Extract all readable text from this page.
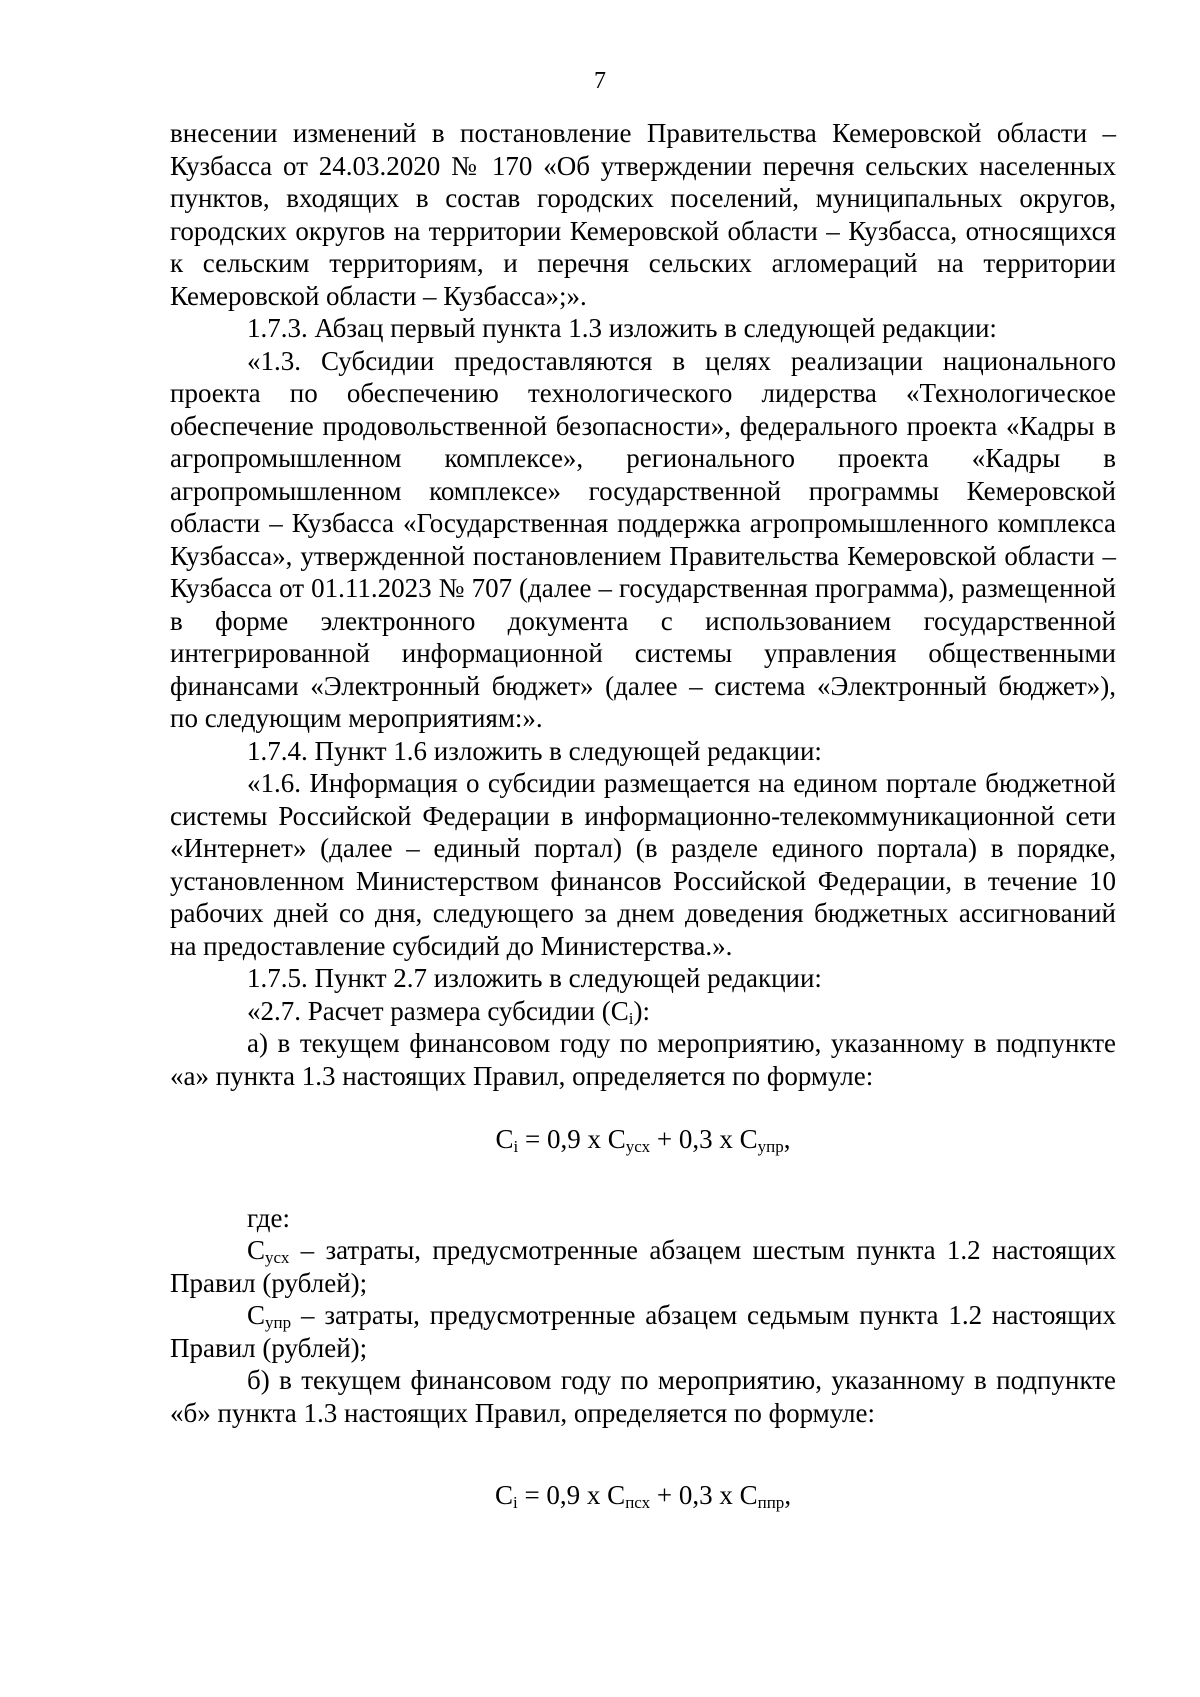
7

внесении изменений в постановление Правительства Кемеровской области – Кузбасса от 24.03.2020 № 170 «Об утверждении перечня сельских населенных пунктов, входящих в состав городских поселений, муниципальных округов, городских округов на территории Кемеровской области – Кузбасса, относящихся к сельским территориям, и перечня сельских агломераций на территории Кемеровской области – Кузбасса»;».

1.7.3. Абзац первый пункта 1.3 изложить в следующей редакции:

«1.3. Субсидии предоставляются в целях реализации национального проекта по обеспечению технологического лидерства «Технологическое обеспечение продовольственной безопасности», федерального проекта «Кадры в агропромышленном комплексе», регионального проекта «Кадры в агропромышленном комплексе» государственной программы Кемеровской области – Кузбасса «Государственная поддержка агропромышленного комплекса Кузбасса», утвержденной постановлением Правительства Кемеровской области – Кузбасса от 01.11.2023 № 707 (далее – государственная программа), размещенной в форме электронного документа с использованием государственной интегрированной информационной системы управления общественными финансами «Электронный бюджет» (далее – система «Электронный бюджет»), по следующим мероприятиям:».

1.7.4. Пункт 1.6 изложить в следующей редакции:

«1.6. Информация о субсидии размещается на едином портале бюджетной системы Российской Федерации в информационно-телекоммуникационной сети «Интернет» (далее – единый портал) (в разделе единого портала) в порядке, установленном Министерством финансов Российской Федерации, в течение 10 рабочих дней со дня, следующего за днем доведения бюджетных ассигнований на предоставление субсидий до Министерства.».

1.7.5. Пункт 2.7 изложить в следующей редакции:

«2.7. Расчет размера субсидии $(C_i)$:

а) в текущем финансовом году по мероприятию, указанному в подпункте «а» пункта 1.3 настоящих Правил, определяется по формуле:

$C_i = 0,9$ x $C_{усх} + 0,3$ x $C_{упр}$,

где:

$C_{усх}$ – затраты, предусмотренные абзацем шестым пункта 1.2 настоящих Правил (рублей);

$C_{упр}$ – затраты, предусмотренные абзацем седьмым пункта 1.2 настоящих Правил (рублей);

б) в текущем финансовом году по мероприятию, указанному в подпункте «б» пункта 1.3 настоящих Правил, определяется по формуле:

$C_i = 0,9$ x $C_{псх} + 0,3$ x $C_{ппр}$,
